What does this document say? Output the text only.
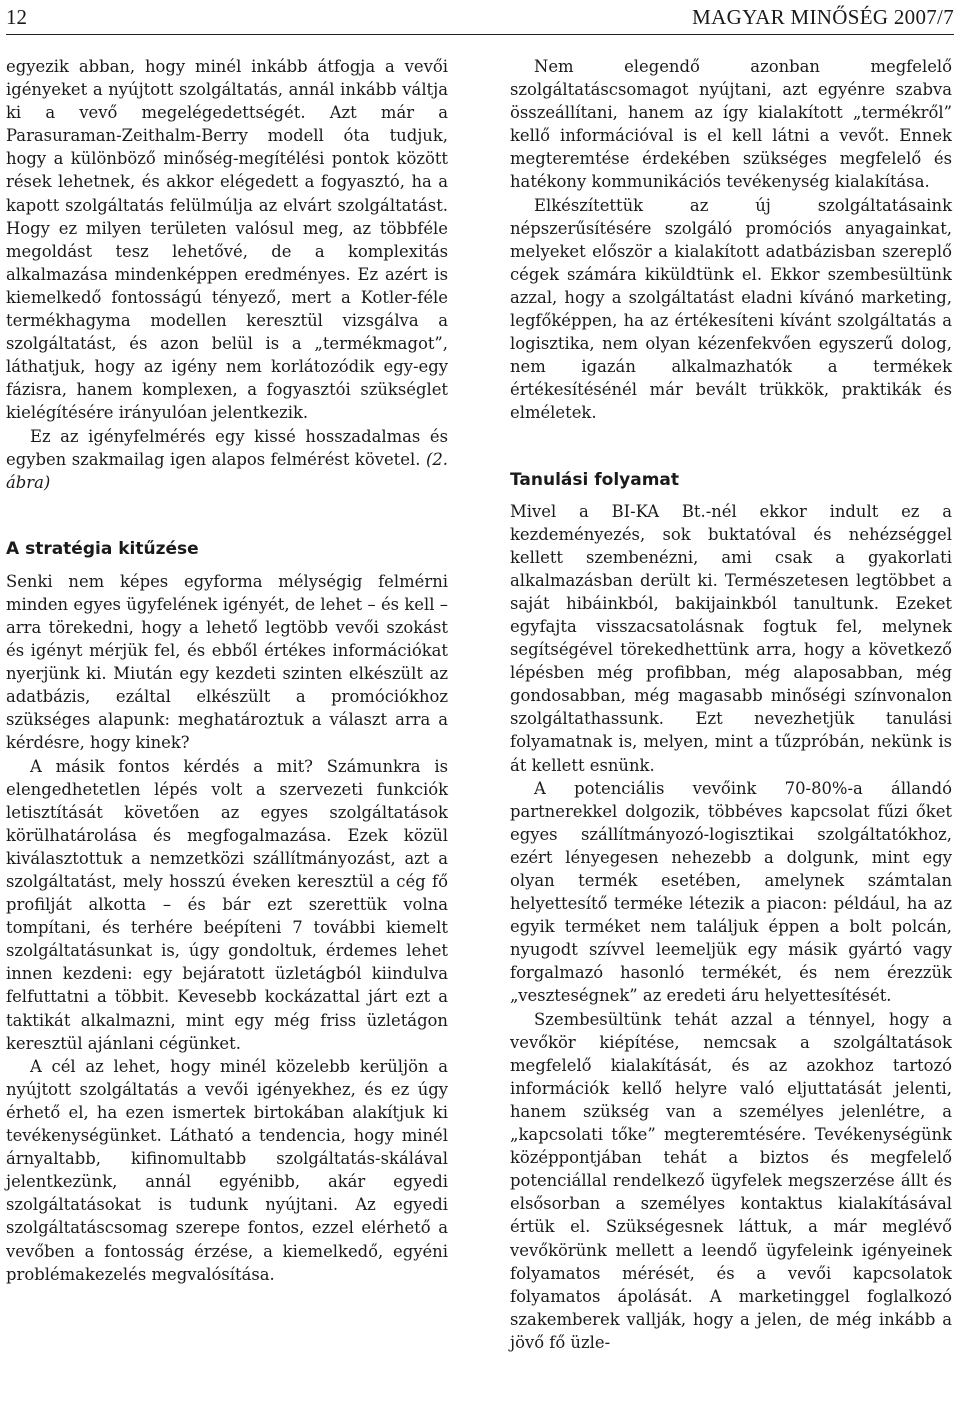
12	MAGYAR MINŐSÉG 2007/7

egyezik abban, hogy minél inkább átfogja a vevői igényeket a nyújtott szolgáltatás, annál inkább váltja ki a vevő megelégedettségét. Azt már a Parasuraman-Zeithalm-Berry modell óta tudjuk, hogy a különböző minőség-megítélési pontok között rések lehetnek, és akkor elégedett a fogyasztó, ha a kapott szolgáltatás felülmúlja az elvárt szolgáltatást. Hogy ez milyen területen valósul meg, az többféle megoldást tesz lehetővé, de a komplexitás alkalmazása mindenképpen eredményes. Ez azért is kiemelkedő fontosságú tényező, mert a Kotler-féle termékhagyma modellen keresztül vizsgálva a szolgáltatást, és azon belül is a „termékmagot”, láthatjuk, hogy az igény nem korlátozódik egy-egy fázisra, hanem komplexen, a fogyasztói szükséglet kielégítésére irányulóan jelentkezik.

Ez az igényfelmérés egy kissé hosszadalmas és egyben szakmailag igen alapos felmérést követel. (2. ábra)

A stratégia kitűzése

Senki nem képes egyforma mélységig felmérni minden egyes ügyfelének igényét, de lehet – és kell – arra törekedni, hogy a lehető legtöbb vevői szokást és igényt mérjük fel, és ebből értékes információkat nyerjünk ki. Miután egy kezdeti szinten elkészült az adatbázis, ezáltal elkészült a promóciókhoz szükséges alapunk: meghatároztuk a választ arra a kérdésre, hogy kinek?

A másik fontos kérdés a mit? Számunkra is elengedhetetlen lépés volt a szervezeti funkciók letisztítását követően az egyes szolgáltatások körülhatárolása és megfogalmazása. Ezek közül kiválasztottuk a nemzetközi szállítmányozást, azt a szolgáltatást, mely hosszú éveken keresztül a cég fő profilját alkotta – és bár ezt szerettük volna tompítani, és terhére beépíteni 7 további kiemelt szolgáltatásunkat is, úgy gondoltuk, érdemes lehet innen kezdeni: egy bejáratott üzletágból kiindulva felfuttatni a többit. Kevesebb kockázattal járt ezt a taktikát alkalmazni, mint egy még friss üzletágon keresztül ajánlani cégünket.

A cél az lehet, hogy minél közelebb kerüljön a nyújtott szolgáltatás a vevői igényekhez, és ez úgy érhető el, ha ezen ismertek birtokában alakítjuk ki tevékenységünket. Látható a tendencia, hogy minél árnyaltabb, kifinomultabb szolgáltatás-skálával jelentkezünk, annál egyénibb, akár egyedi szolgáltatásokat is tudunk nyújtani. Az egyedi szolgáltatáscsomag szerepe fontos, ezzel elérhető a vevőben a fontosság érzése, a kiemelkedő, egyéni problémakezelés megvalósítása.

Nem elegendő azonban megfelelő szolgáltatáscsomagot nyújtani, azt egyénre szabva összeállítani, hanem az így kialakított „termékről” kellő információval is el kell látni a vevőt. Ennek megteremtése érdekében szükséges megfelelő és hatékony kommunikációs tevékenység kialakítása.

Elkészítettük az új szolgáltatásaink népszerűsítésére szolgáló promóciós anyagainkat, melyeket először a kialakított adatbázisban szereplő cégek számára kiküldtünk el. Ekkor szembesültünk azzal, hogy a szolgáltatást eladni kívánó marketing, legfőképpen, ha az értékesíteni kívánt szolgáltatás a logisztika, nem olyan kézenfekvően egyszerű dolog, nem igazán alkalmazhatók a termékek értékesítésénél már bevált trükkök, praktikák és elméletek.

Tanulási folyamat

Mivel a BI-KA Bt.-nél ekkor indult ez a kezdeményezés, sok buktatóval és nehézséggel kellett szembenézni, ami csak a gyakorlati alkalmazásban derült ki. Természetesen legtöbbet a saját hibáinkból, bakijainkból tanultunk. Ezeket egyfajta visszacsatolásnak fogtuk fel, melynek segítségével törekedhettünk arra, hogy a következő lépésben még profibban, még alaposabban, még gondosabban, még magasabb minőségi színvonalon szolgáltathassunk. Ezt nevezhetjük tanulási folyamatnak is, melyen, mint a tűzpróbán, nekünk is át kellett esnünk.

A potenciális vevőink 70-80%-a állandó partnerekkel dolgozik, többéves kapcsolat fűzi őket egyes szállítmányozó-logisztikai szolgáltatókhoz, ezért lényegesen nehezebb a dolgunk, mint egy olyan termék esetében, amelynek számtalan helyettesítő terméke létezik a piacon: például, ha az egyik terméket nem találjuk éppen a bolt polcán, nyugodt szívvel leemeljük egy másik gyártó vagy forgalmazó hasonló termékét, és nem érezzük „veszteségnek” az eredeti áru helyettesítését.

Szembesültünk tehát azzal a ténnyel, hogy a vevőkör kiépítése, nemcsak a szolgáltatások megfelelő kialakítását, és az azokhoz tartozó információk kellő helyre való eljuttatását jelenti, hanem szükség van a személyes jelenlétre, a „kapcsolati tőke” megteremtésére. Tevékenységünk középpontjában tehát a biztos és megfelelő potenciállal rendelkező ügyfelek megszerzése állt és elsősorban a személyes kontaktus kialakításával értük el. Szükségesnek láttuk, a már meglévő vevőkörünk mellett a leendő ügyfeleink igényeinek folyamatos mérését, és a vevői kapcsolatok folyamatos ápolását. A marketinggel foglalkozó szakemberek vallják, hogy a jelen, de még inkább a jövő fő üzle-
